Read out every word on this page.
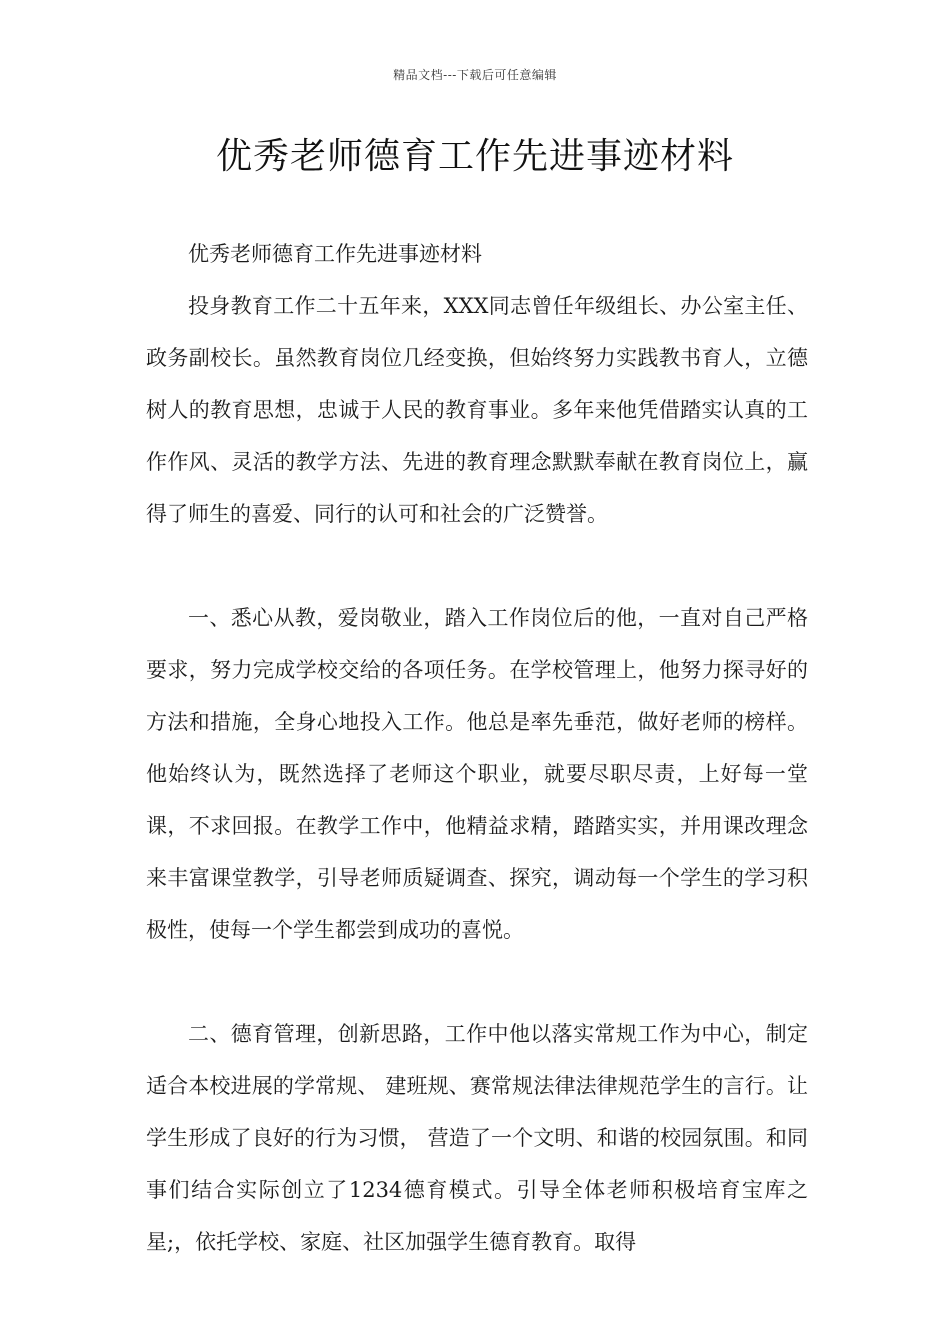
精品文档---下载后可任意编辑
优秀老师德育工作先进事迹材料

优秀老师德育工作先进事迹材料

投身教育工作二十五年来，XXX同志曾任年级组长、办公室主任、政务副校长。虽然教育岗位几经变换，但始终努力实践教书育人，立德树人的教育思想，忠诚于人民的教育事业。多年来他凭借踏实认真的工作作风、灵活的教学方法、先进的教育理念默默奉献在教育岗位上，赢得了师生的喜爱、同行的认可和社会的广泛赞誉。

一、悉心从教，爱岗敬业，踏入工作岗位后的他，一直对自己严格要求，努力完成学校交给的各项任务。在学校管理上，他努力探寻好的方法和措施，全身心地投入工作。他总是率先垂范，做好老师的榜样。他始终认为，既然选择了老师这个职业，就要尽职尽责，上好每一堂课，不求回报。在教学工作中，他精益求精，踏踏实实，并用课改理念来丰富课堂教学，引导老师质疑调查、探究，调动每一个学生的学习积极性，使每一个学生都尝到成功的喜悦。

二、德育管理，创新思路，工作中他以落实常规工作为中心，制定适合本校进展的学常规、 建班规、赛常规法律法律规范学生的言行。让学生形成了良好的行为习惯， 营造了一个文明、和谐的校园氛围。和同事们结合实际创立了1234德育模式。引导全体老师积极培育宝库之星;，依托学校、家庭、社区加强学生德育教育。取得
